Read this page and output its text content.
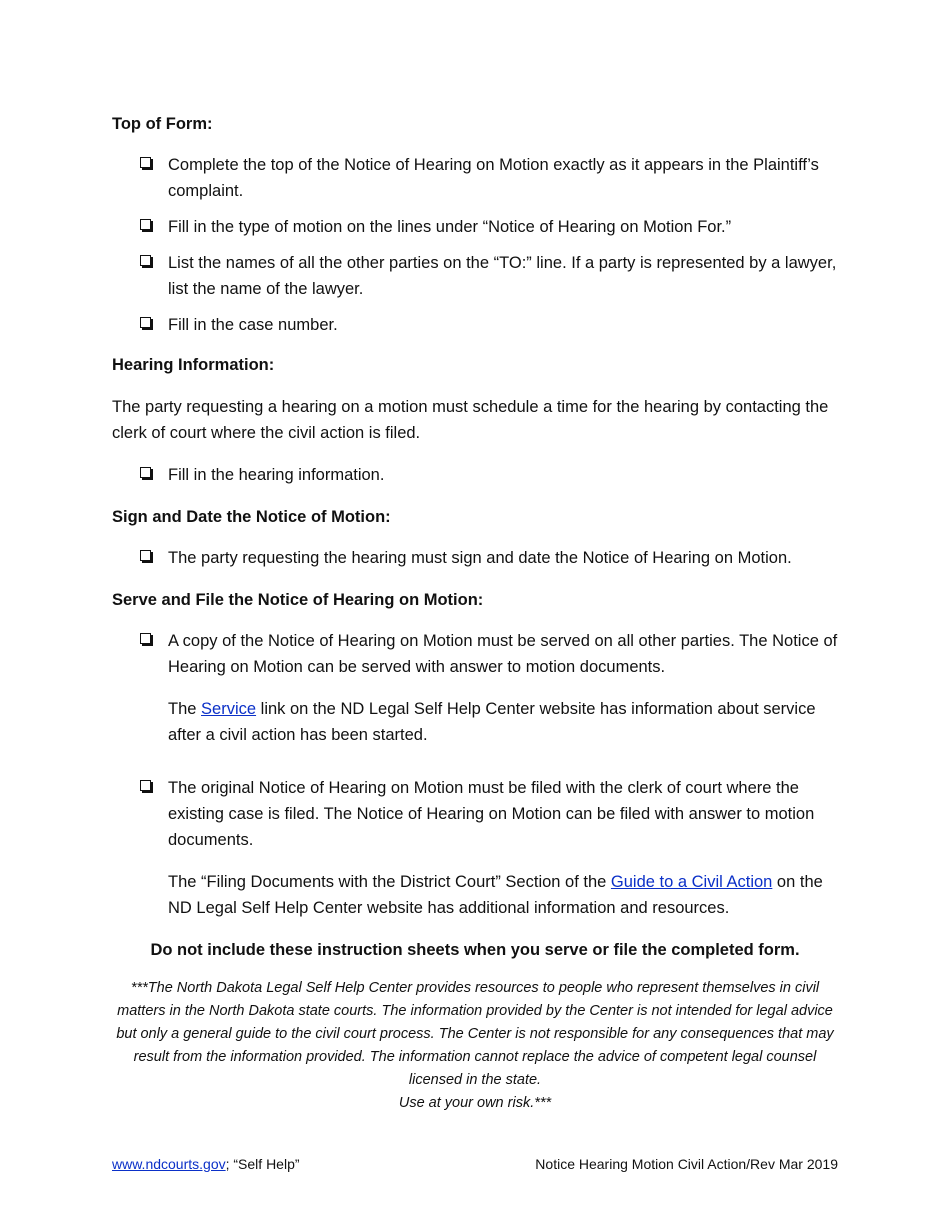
Top of Form:
Complete the top of the Notice of Hearing on Motion exactly as it appears in the Plaintiff’s complaint.
Fill in the type of motion on the lines under “Notice of Hearing on Motion For.”
List the names of all the other parties on the “TO:” line. If a party is represented by a lawyer, list the name of the lawyer.
Fill in the case number.
Hearing Information:
The party requesting a hearing on a motion must schedule a time for the hearing by contacting the clerk of court where the civil action is filed.
Fill in the hearing information.
Sign and Date the Notice of Motion:
The party requesting the hearing must sign and date the Notice of Hearing on Motion.
Serve and File the Notice of Hearing on Motion:
A copy of the Notice of Hearing on Motion must be served on all other parties. The Notice of Hearing on Motion can be served with answer to motion documents.
The Service link on the ND Legal Self Help Center website has information about service after a civil action has been started.
The original Notice of Hearing on Motion must be filed with the clerk of court where the existing case is filed. The Notice of Hearing on Motion can be filed with answer to motion documents.
The “Filing Documents with the District Court” Section of the Guide to a Civil Action on the ND Legal Self Help Center website has additional information and resources.
Do not include these instruction sheets when you serve or file the completed form.
***The North Dakota Legal Self Help Center provides resources to people who represent themselves in civil matters in the North Dakota state courts. The information provided by the Center is not intended for legal advice but only a general guide to the civil court process. The Center is not responsible for any consequences that may result from the information provided. The information cannot replace the advice of competent legal counsel licensed in the state.
Use at your own risk.***
www.ndcourts.gov; “Self Help”	Notice Hearing Motion Civil Action/Rev Mar 2019
